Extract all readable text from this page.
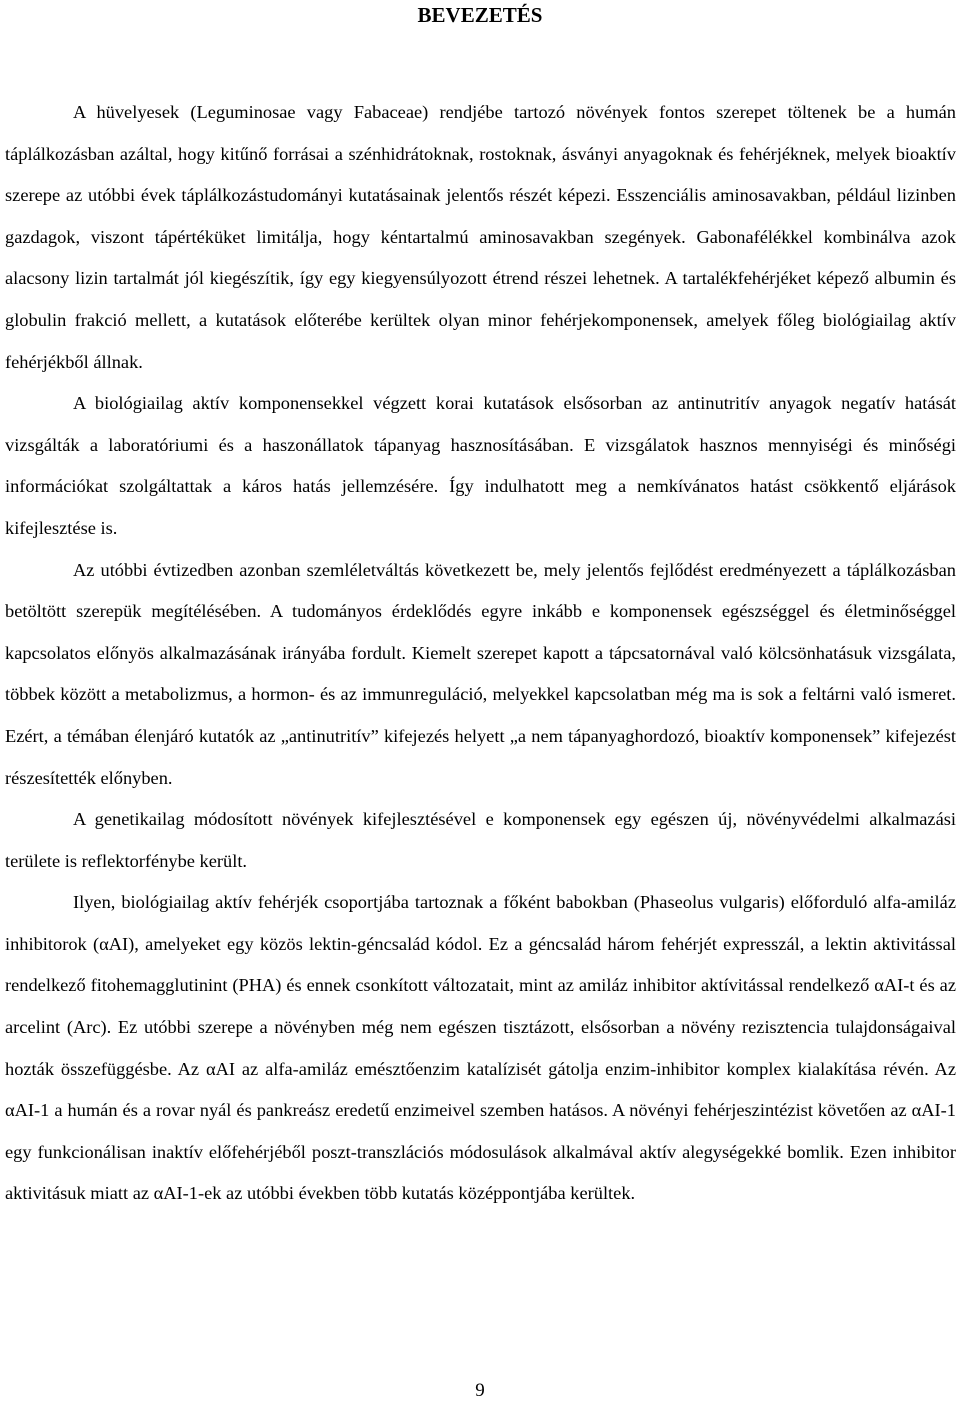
BEVEZETÉS

A hüvelyesek (Leguminosae vagy Fabaceae) rendjébe tartozó növények fontos szerepet töltenek be a humán táplálkozásban azáltal, hogy kitűnő forrásai a szénhidrátoknak, rostoknak, ásványi anyagoknak és fehérjéknek, melyek bioaktív szerepe az utóbbi évek táplálkozástudományi kutatásainak jelentős részét képezi. Esszenciális aminosavakban, például lizinben gazdagok, viszont tápértéküket limitálja, hogy kéntartalmú aminosavakban szegények. Gabonafélékkel kombinálva azok alacsony lizin tartalmát jól kiegészítik, így egy kiegyensúlyozott étrend részei lehetnek. A tartalékfehérjéket képező albumin és globulin frakció mellett, a kutatások előterébe kerültek olyan minor fehérjekomponensek, amelyek főleg biológiailag aktív fehérjékből állnak.

A biológiailag aktív komponensekkel végzett korai kutatások elsősorban az antinutritív anyagok negatív hatását vizsgálták a laboratóriumi és a haszonállatok tápanyag hasznosításában. E vizsgálatok hasznos mennyiségi és minőségi információkat szolgáltattak a káros hatás jellemzésére. Így indulhatott meg a nemkívánatos hatást csökkentő eljárások kifejlesztése is.

Az utóbbi évtizedben azonban szemléletváltás következett be, mely jelentős fejlődést eredményezett a táplálkozásban betöltött szerepük megítélésében. A tudományos érdeklődés egyre inkább e komponensek egészséggel és életminőséggel kapcsolatos előnyös alkalmazásának irányába fordult. Kiemelt szerepet kapott a tápcsatornával való kölcsönhatásuk vizsgálata, többek között a metabolizmus, a hormon- és az immunreguláció, melyekkel kapcsolatban még ma is sok a feltárni való ismeret. Ezért, a témában élenjáró kutatók az „antinutritív” kifejezés helyett „a nem tápanyaghordozó, bioaktív komponensek” kifejezést részesítették előnyben.

A genetikailag módosított növények kifejlesztésével e komponensek egy egészen új, növényvédelmi alkalmazási területe is reflektorfénybe került.

Ilyen, biológiailag aktív fehérjék csoportjába tartoznak a főként babokban (Phaseolus vulgaris) előforduló alfa-amiláz inhibitorok (αAI), amelyeket egy közös lektin-géncsalád kódol. Ez a géncsalád három fehérjét expresszál, a lektin aktivitással rendelkező fitohemagglutinint (PHA) és ennek csonkított változatait, mint az amiláz inhibitor aktívitással rendelkező αAI-t és az arcelint (Arc). Ez utóbbi szerepe a növényben még nem egészen tisztázott, elsősorban a növény rezisztencia tulajdonságaival hozták összefüggésbe. Az αAI az alfa-amiláz emésztőenzim katalízisét gátolja enzim-inhibitor komplex kialakítása révén. Az αAI-1 a humán és a rovar nyál és pankreász eredetű enzimeivel szemben hatásos. A növényi fehérjeszintézist követően az αAI-1 egy funkcionálisan inaktív előfehérjéből poszt-transzlációs módosulások alkalmával aktív alegységekké bomlik. Ezen inhibitor aktivitásuk miatt az αAI-1-ek az utóbbi években több kutatás középpontjába kerültek.

9
